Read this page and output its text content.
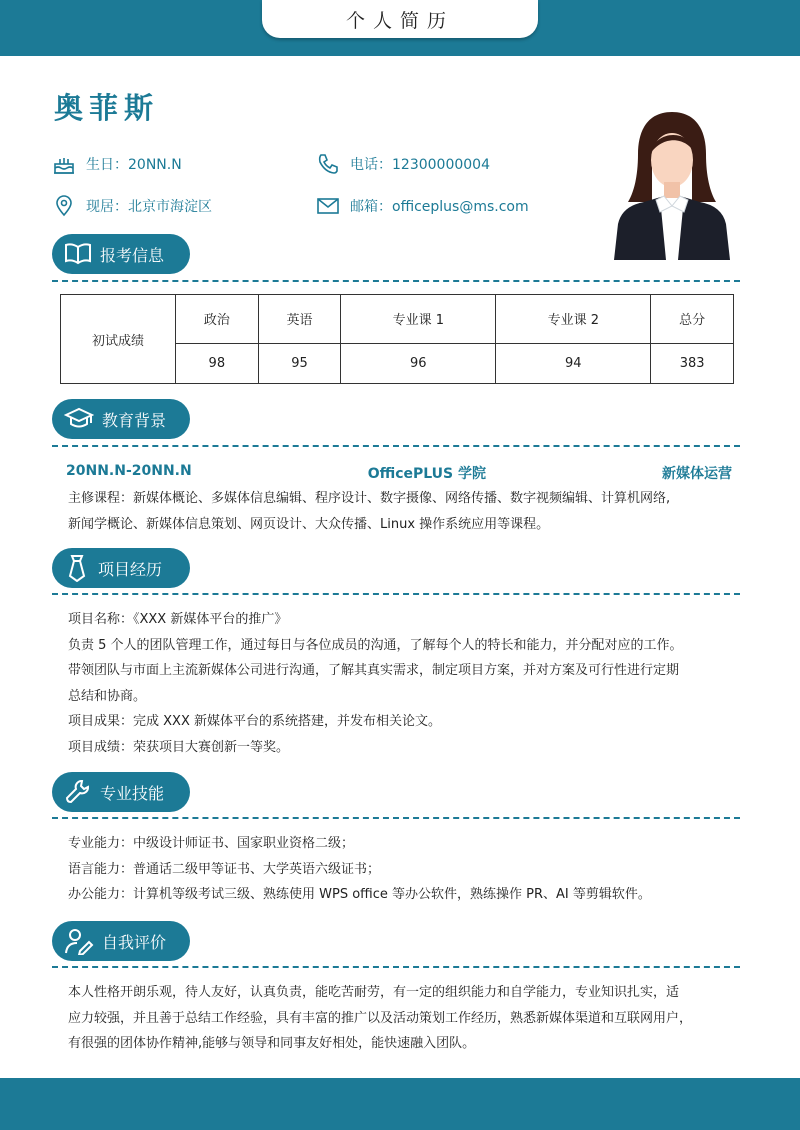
个人简历
奥菲斯
生日：20NN.N	电话：12300000004
现居：北京市海淀区	邮箱：officeplus@ms.com
报考信息
初试成绩	政治	英语	专业课 1	专业课 2	总分
	98	95	96	94	383
教育背景
20NN.N-20NN.N	OfficePLUS 学院	新媒体运营

主修课程：新媒体概论、多媒体信息编辑、程序设计、数字摄像、网络传播、数字视频编辑、计算机网络,

新闻学概论、新媒体信息策划、网页设计、大众传播、Linux 操作系统应用等课程。

项目经历

项目名称：《XXX 新媒体平台的推广》

负责 5 个人的团队管理工作，通过每日与各位成员的沟通，了解每个人的特长和能力，并分配对应的工作。

带领团队与市面上主流新媒体公司进行沟通，了解其真实需求，制定项目方案，并对方案及可行性进行定期

总结和协商。

项目成果：完成 XXX 新媒体平台的系统搭建，并发布相关论文。

项目成绩：荣获项目大赛创新一等奖。

专业技能

专业能力：中级设计师证书、国家职业资格二级；

语言能力：普通话二级甲等证书、大学英语六级证书；

办公能力：计算机等级考试三级、熟练使用 WPS office 等办公软件，熟练操作 PR、AI 等剪辑软件。

自我评价

本人性格开朗乐观，待人友好，认真负责，能吃苦耐劳，有一定的组织能力和自学能力，专业知识扎实，适

应力较强，并且善于总结工作经验，具有丰富的推广以及活动策划工作经历，熟悉新媒体渠道和互联网用户，

有很强的团体协作精神,能够与领导和同事友好相处，能快速融入团队。
